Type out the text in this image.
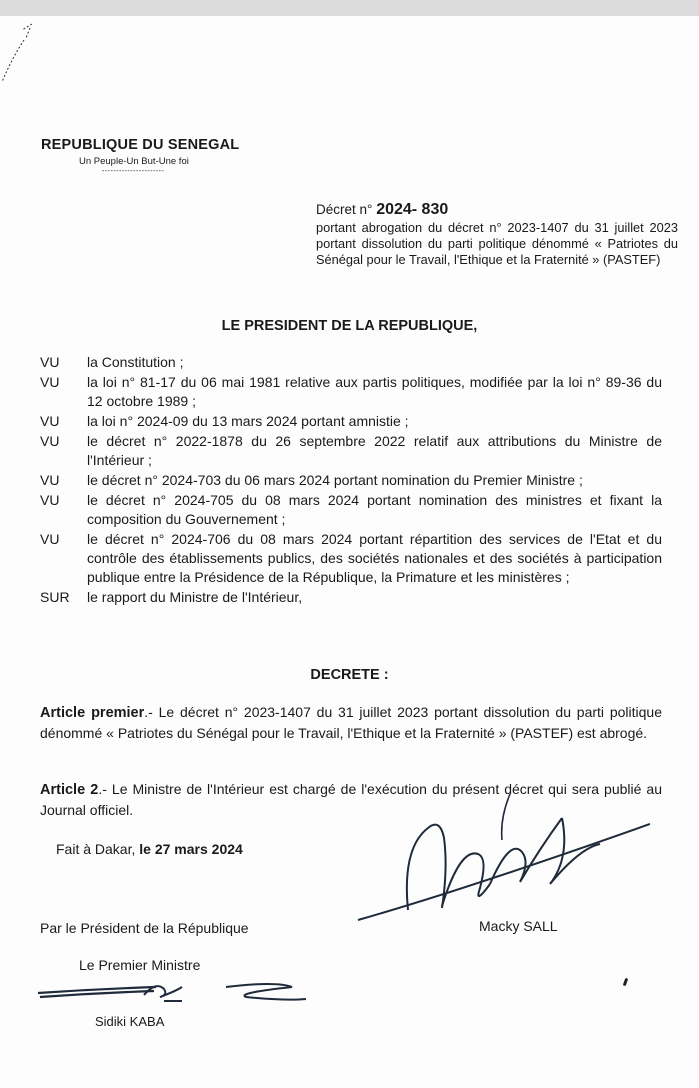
REPUBLIQUE DU SENEGAL
Un Peuple-Un But-Une foi
----------------------

Décret n° 2024- 830

portant abrogation du décret n° 2023-1407 du 31 juillet 2023 portant dissolution du parti politique dénommé « Patriotes du Sénégal pour le Travail, l'Ethique et la Fraternité » (PASTEF)

LE PRESIDENT DE LA REPUBLIQUE,
VU	la Constitution ;
VU	la loi n° 81-17 du 06 mai 1981 relative aux partis politiques, modifiée par la loi n° 89-36 du 12 octobre 1989 ;
VU	la loi n° 2024-09 du 13 mars 2024 portant amnistie ;
VU	le décret n° 2022-1878 du 26 septembre 2022 relatif aux attributions du Ministre de l'Intérieur ;
VU	le décret n° 2024-703 du 06 mars 2024 portant nomination du Premier Ministre ;
VU	le décret n° 2024-705 du 08 mars 2024 portant nomination des ministres et fixant la composition du Gouvernement ;
VU	le décret n° 2024-706 du 08 mars 2024 portant répartition des services de l'Etat et du contrôle des établissements publics, des sociétés nationales et des sociétés à participation publique entre la Présidence de la République, la Primature et les ministères ;
SUR	le rapport du Ministre de l'Intérieur,
DECRETE :

Article premier.- Le décret n° 2023-1407 du 31 juillet 2023 portant dissolution du parti politique dénommé « Patriotes du Sénégal pour le Travail, l'Ethique et la Fraternité » (PASTEF) est abrogé.

Article 2.- Le Ministre de l'Intérieur est chargé de l'exécution du présent décret qui sera publié au Journal officiel.

Fait à Dakar, le 27 mars 2024
Macky SALL
Par le Président de la République
Le Premier Ministre
Sidiki KABA
